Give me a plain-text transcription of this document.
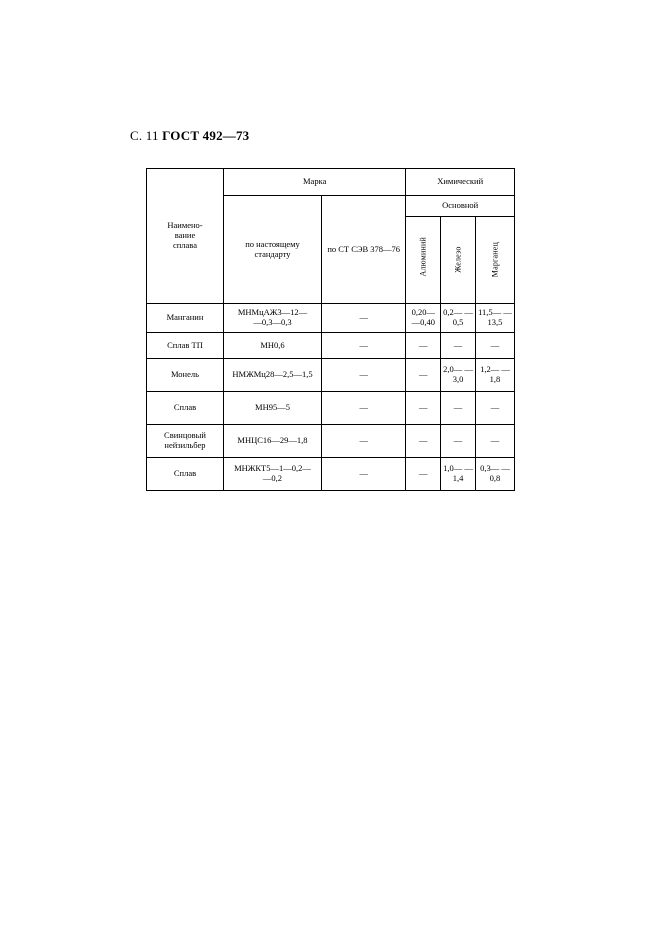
С. 11 ГОСТ 492—73
Наимено-
вание
сплава	Марка		Химический		

	по настоящему
стандарту	по СТ СЭВ 378—76	Основной		

			Алюминий	Железо	Марганец

Манганин	МНМцАЖ3—12—
—0,3—0,3	—	0,20— —0,40	0,2— —0,5	11,5— —13,5
Сплав ТП	МН0,6	—	—	—	—
Монель	НМЖМц28—2,5—1,5	—	—	2,0— —3,0	1,2— —1,8
Сплав	МН95—5	—	—	—	—

Свинцовый
нейзильбер	МНЦС16—29—1,8	—	—	—	—
Сплав	МНЖКТ5—1—0,2—
—0,2	—	—	1,0— —1,4	0,3— —0,8
